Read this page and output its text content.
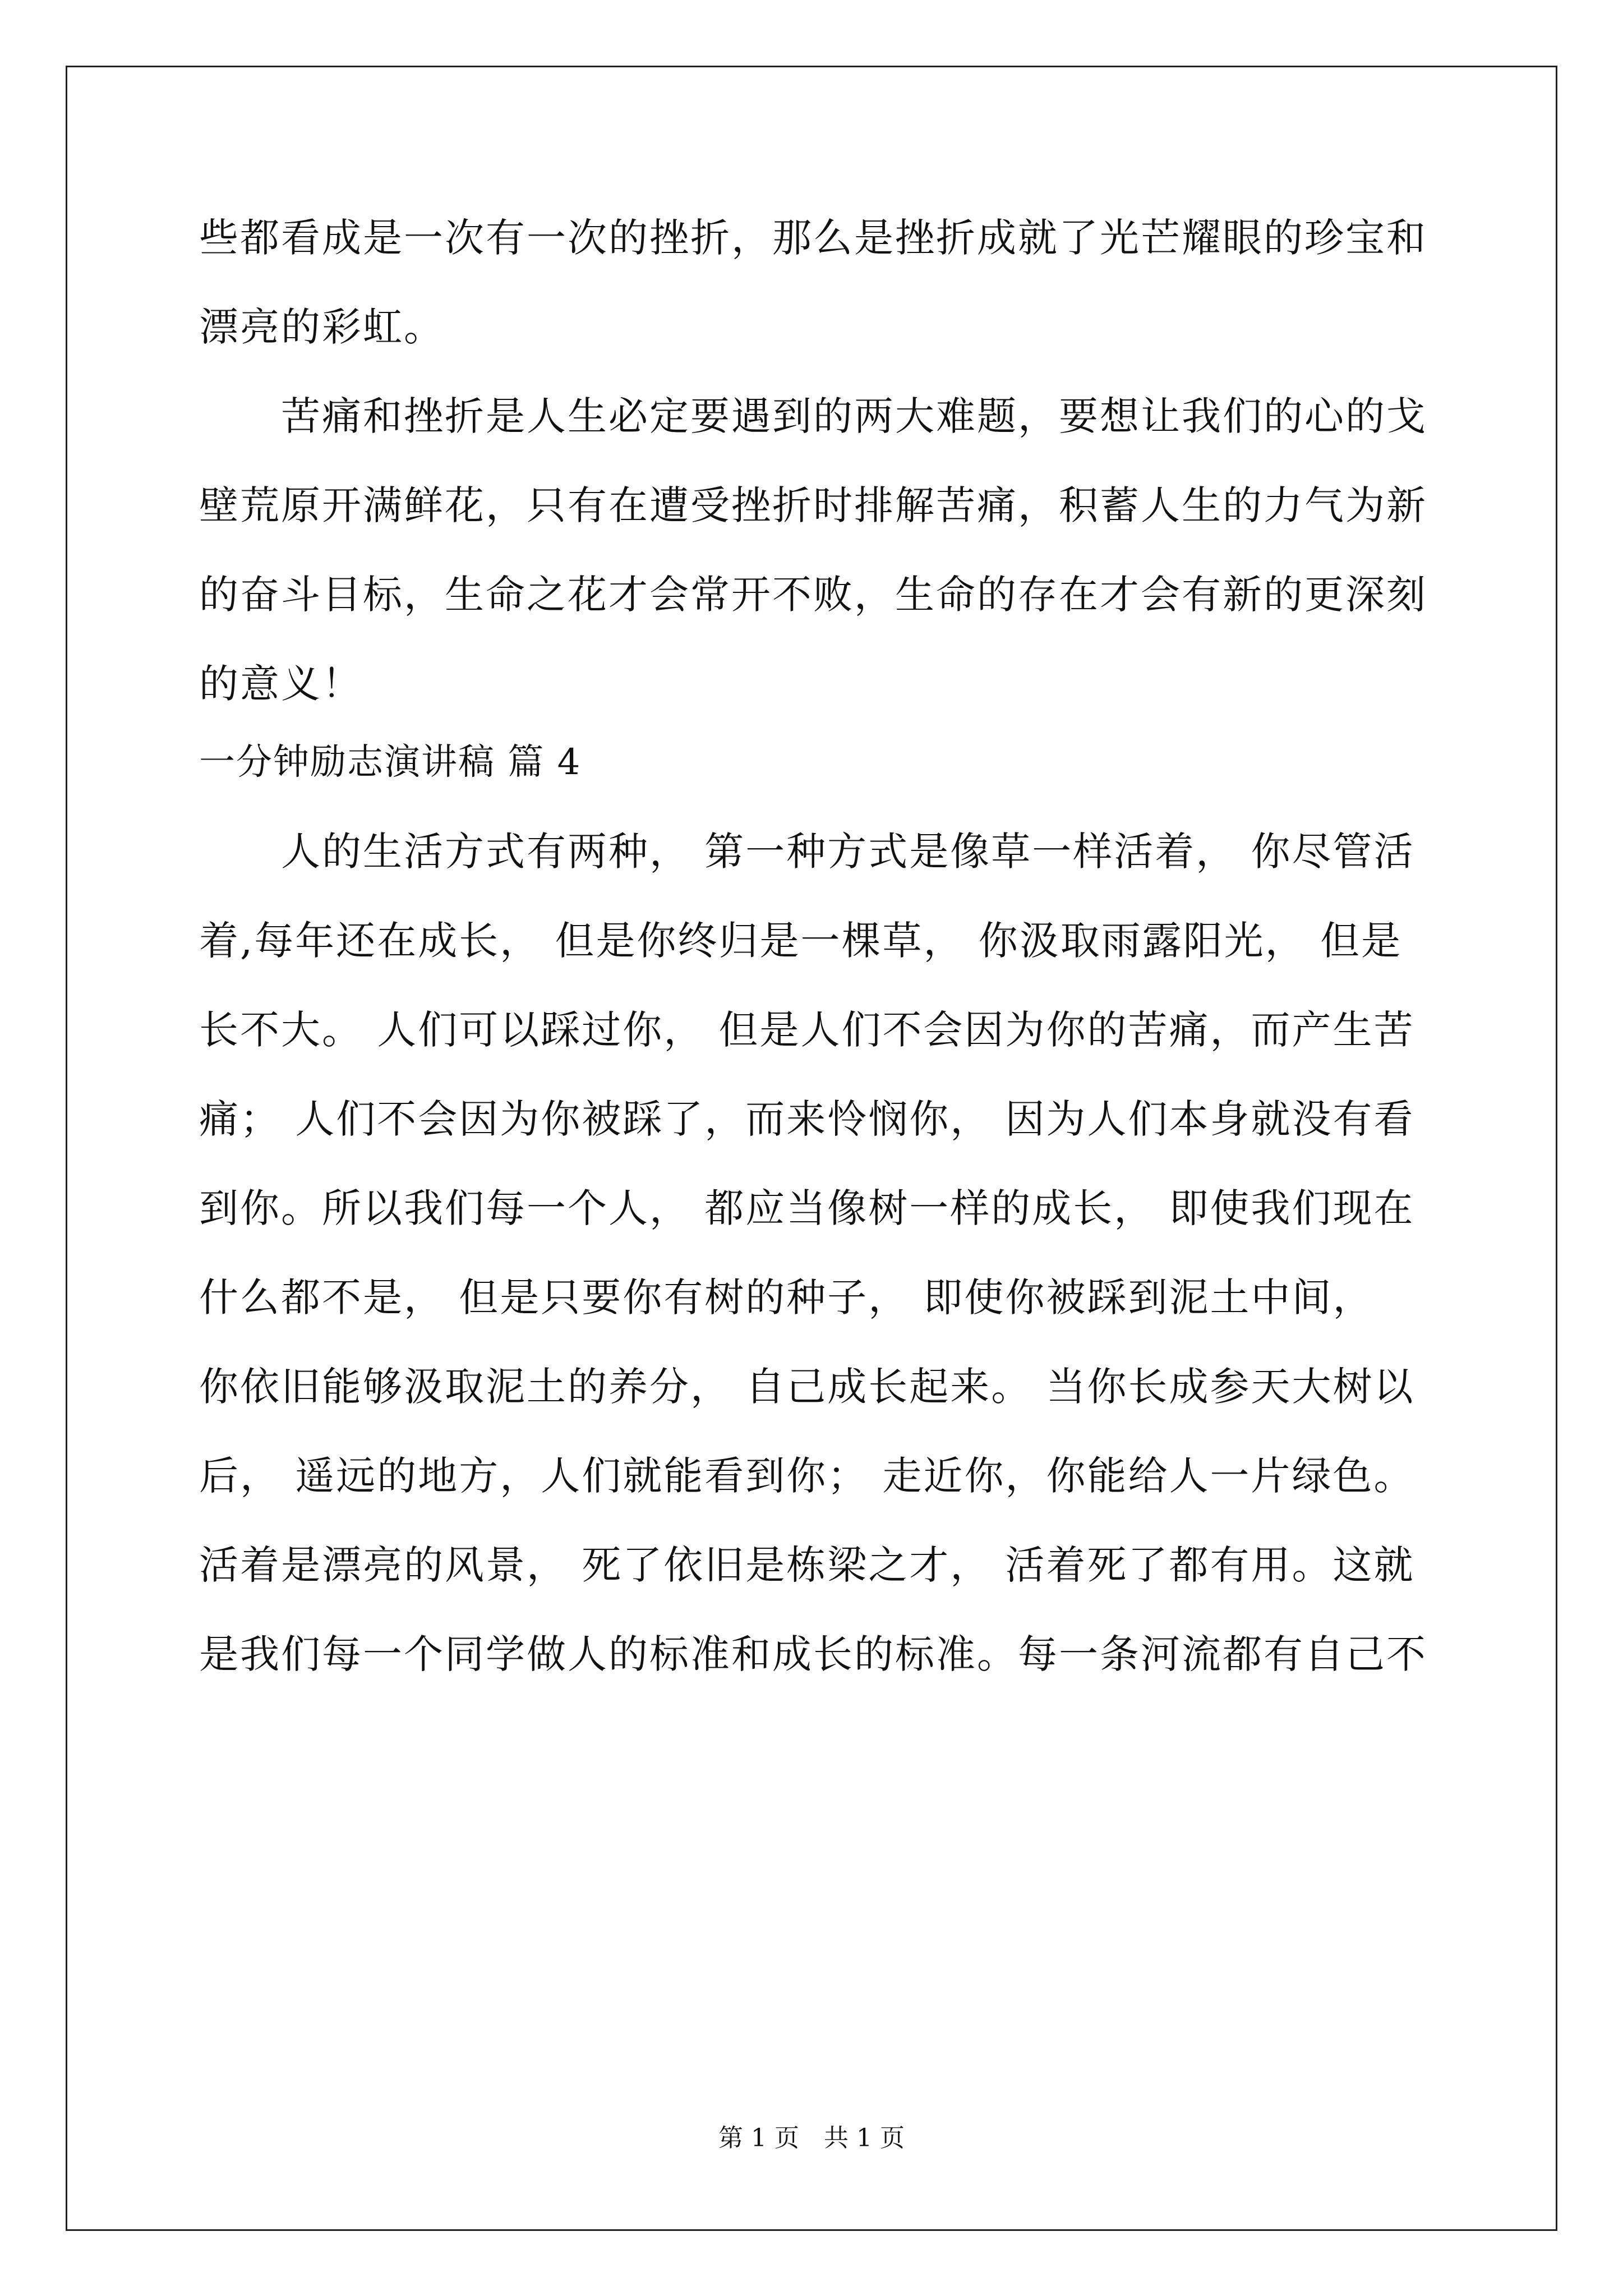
些都看成是一次有一次的挫折，那么是挫折成就了光芒耀眼的珍宝和
漂亮的彩虹。
　　苦痛和挫折是人生必定要遇到的两大难题，要想让我们的心的戈
壁荒原开满鲜花，只有在遭受挫折时排解苦痛，积蓄人生的力气为新
的奋斗目标，生命之花才会常开不败，生命的存在才会有新的更深刻
的意义！
一分钟励志演讲稿 篇 4
　　人的生活方式有两种， 第一种方式是像草一样活着， 你尽管活
着,每年还在成长， 但是你终归是一棵草， 你汲取雨露阳光， 但是
长不大。 人们可以踩过你， 但是人们不会因为你的苦痛，而产生苦
痛； 人们不会因为你被踩了，而来怜悯你， 因为人们本身就没有看
到你。所以我们每一个人， 都应当像树一样的成长， 即使我们现在
什么都不是， 但是只要你有树的种子， 即使你被踩到泥土中间，
你依旧能够汲取泥土的养分， 自己成长起来。 当你长成参天大树以
后， 遥远的地方，人们就能看到你； 走近你，你能给人一片绿色。
活着是漂亮的风景， 死了依旧是栋梁之才， 活着死了都有用。这就
是我们每一个同学做人的标准和成长的标准。每一条河流都有自己不
第 1 页　共 1 页
